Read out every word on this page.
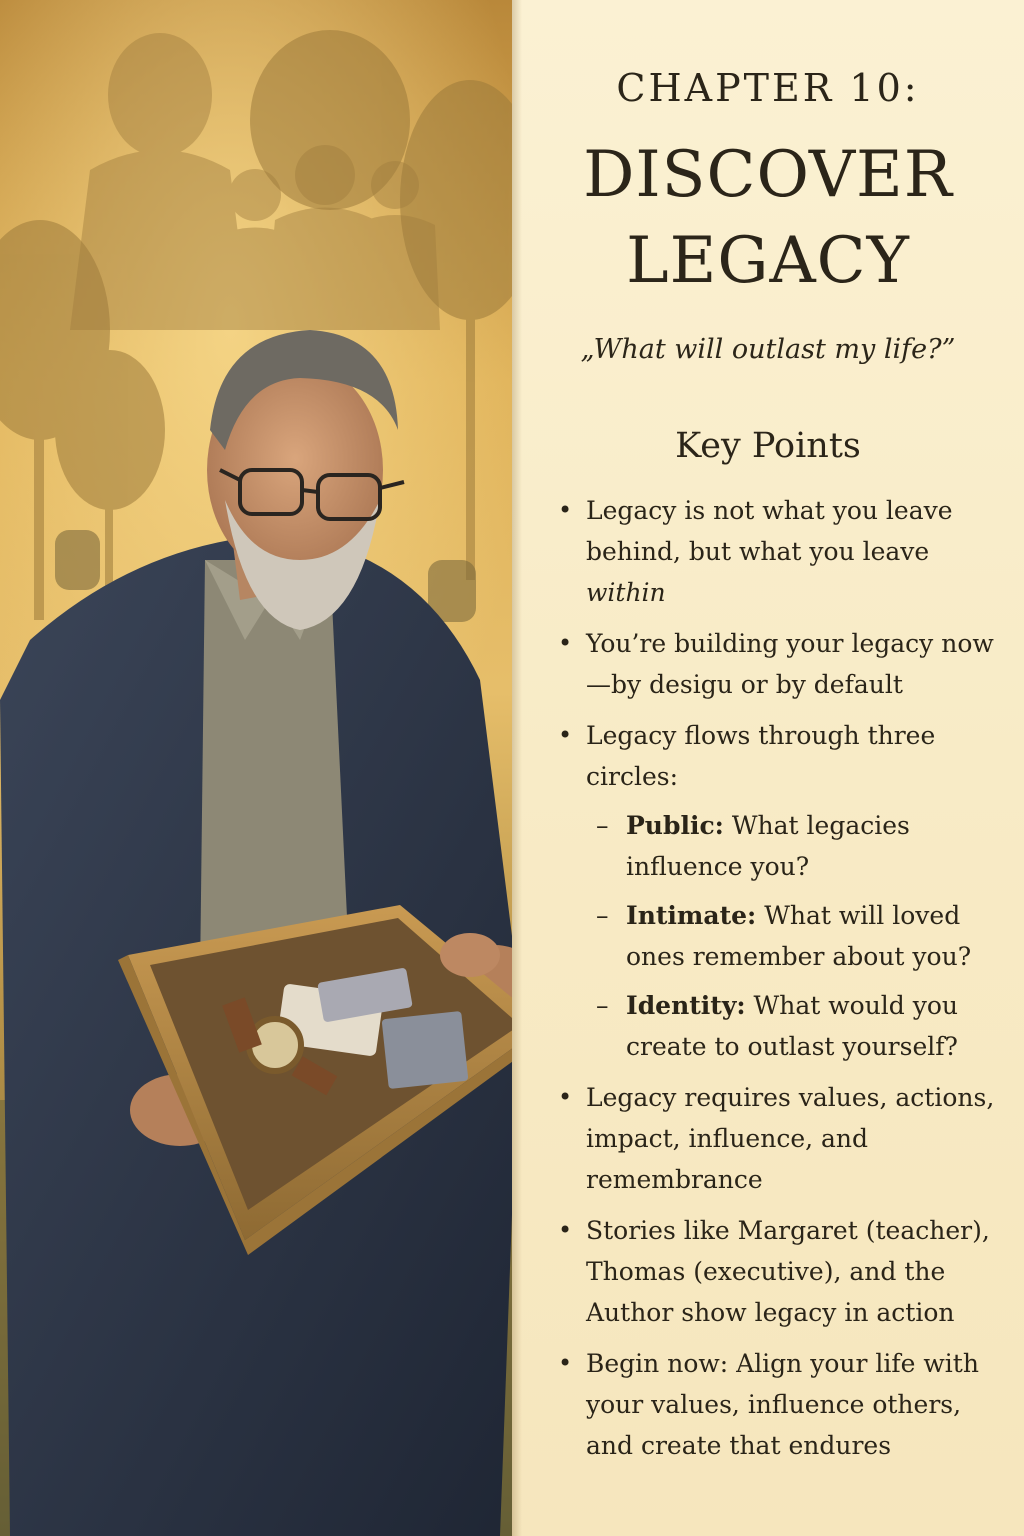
CHAPTER 10:
DISCOVER
LEGACY
„What will outlast my life?”
Key Points
• Legacy is not what you leave behind, but what you leave within
• You’re building your legacy now—by desigu or by default
• Legacy flows through three circles:
– Public: What legacies influence you?
– Intimate: What will loved ones remember about you?
– Identity: What would you create to outlast yourself?
• Legacy requires values, actions, impact, influence, and remembrance
• Stories like Margaret (teacher), Thomas (executive), and the Author show legacy in action
• Begin now: Align your life with your values, influence others, and create that endures
